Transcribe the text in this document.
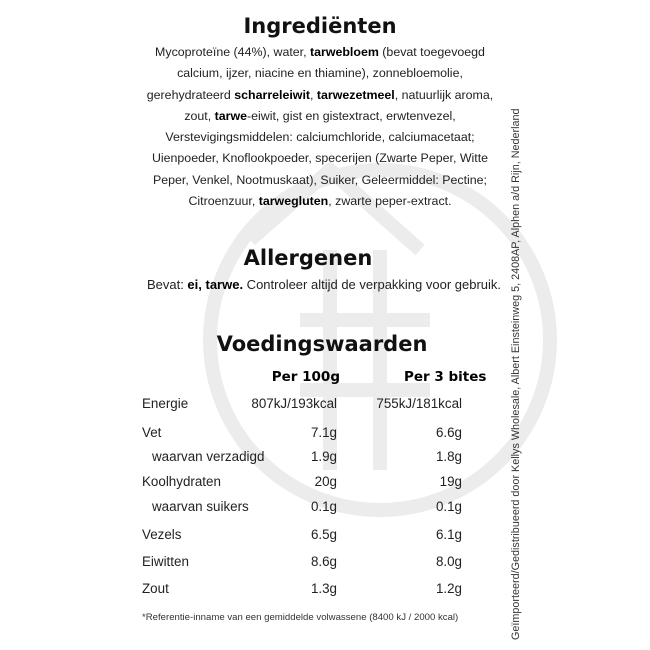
Ingrediënten
Mycoproteïne (44%), water, tarwebloem (bevat toegevoegd calcium, ijzer, niacine en thiamine), zonnebloemolie, gerehydrateerd scharreleiwit, tarwezetmeel, natuurlijk aroma, zout, tarwe-eiwit, gist en gistextract, erwtenvezel, Verstevigingsmiddelen: calciumchloride, calciumacetaat; Uienpoeder, Knoflookpoeder, specerijen (Zwarte Peper, Witte Peper, Venkel, Nootmuskaat), Suiker, Geleermiddel: Pectine; Citroenzuur, tarwegluten, zwarte peper-extract.
Allergenen
Bevat: ei, tarwe. Controleer altijd de verpakking voor gebruik.
Voedingswaarden
Per 100g	Per 3 bites
Energie	807kJ/193kcal	755kJ/181kcal
Vet	7.1g	6.6g
waarvan verzadigd	1.9g	1.8g
Koolhydraten	20g	19g
waarvan suikers	0.1g	0.1g
Vezels	6.5g	6.1g
Eiwitten	8.6g	8.0g
Zout	1.3g	1.2g
*Referentie-inname van een gemiddelde volwassene (8400 kJ / 2000 kcal)	Geïmporteerd/Gedistribueerd door Kellys Wholesale, Albert Einsteinweg 5, 2408AP, Alphen a/d Rijn, Nederland
